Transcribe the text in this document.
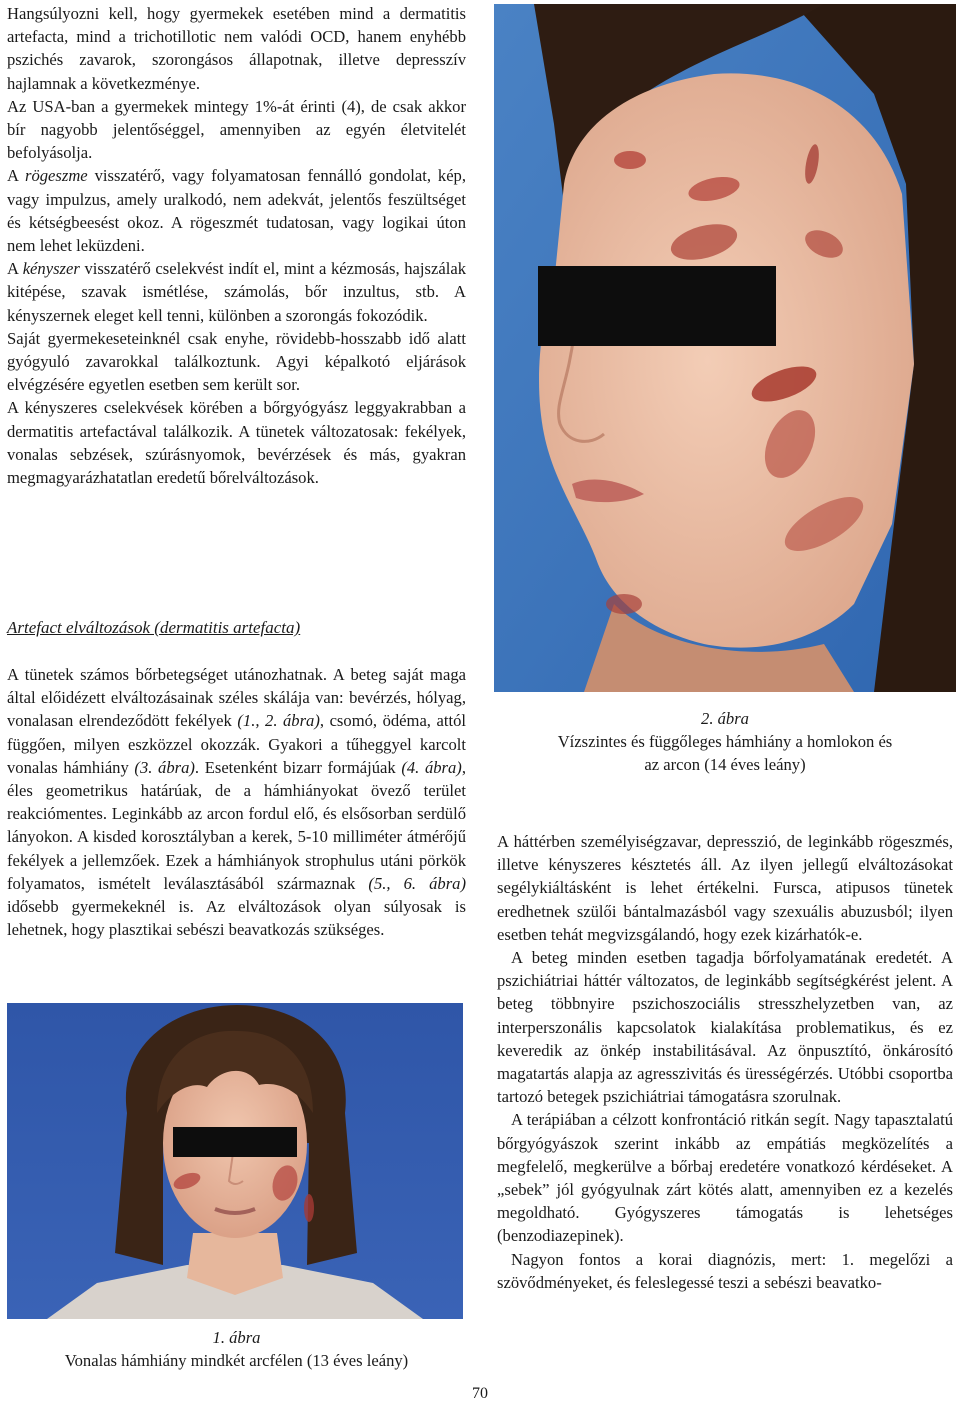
Hangsúlyozni kell, hogy gyermekek esetében mind a dermatitis artefacta, mind a trichotillotic nem valódi OCD, hanem enyhébb pszichés zavarok, szorongásos állapotnak, illetve depresszív hajlamnak a következménye.

Az USA-ban a gyermekek mintegy 1%-át érinti (4), de csak akkor bír nagyobb jelentőséggel, amennyiben az egyén életvitelét befolyásolja.

A rögeszme visszatérő, vagy folyamatosan fennálló gondolat, kép, vagy impulzus, amely uralkodó, nem adekvát, jelentős feszültséget és kétségbeesést okoz. A rögeszmét tudatosan, vagy logikai úton nem lehet leküzdeni.

A kényszer visszatérő cselekvést indít el, mint a kézmosás, hajszálak kitépése, szavak ismétlése, számolás, bőr inzultus, stb. A kényszernek eleget kell tenni, különben a szorongás fokozódik.

Saját gyermekeseteinknél csak enyhe, rövidebb-hosszabb idő alatt gyógyuló zavarokkal találkoztunk. Agyi képalkotó eljárások elvégzésére egyetlen esetben sem került sor.

A kényszeres cselekvések körében a bőrgyógyász leggyakrabban a dermatitis artefactával találkozik. A tünetek változatosak: fekélyek, vonalas sebzések, szúrásnyomok, bevérzések és más, gyakran megmagyarázhatatlan eredetű bőrelváltozások.

Artefact elváltozások (dermatitis artefacta)

A tünetek számos bőrbetegséget utánozhatnak. A beteg saját maga által előidézett elváltozásainak széles skálája van: bevérzés, hólyag, vonalasan elrendeződött fekélyek (1., 2. ábra), csomó, ödéma, attól függően, milyen eszközzel okozzák. Gyakori a tűheggyel karcolt vonalas hámhiány (3. ábra). Esetenként bizarr formájúak (4. ábra), éles geometrikus határúak, de a hámhiányokat övező terület reakciómentes. Leginkább az arcon fordul elő, és elsősorban serdülő lányokon. A kisded korosztályban a kerek, 5-10 milliméter átmérőjű fekélyek a jellemzőek. Ezek a hámhiányok strophulus utáni pörkök folyamatos, ismételt leválasztásából származnak (5., 6. ábra) idősebb gyermekeknél is. Az elváltozások olyan súlyosak is lehetnek, hogy plasztikai sebészi beavatkozás szükséges.

1. ábra
Vonalas hámhiány mindkét arcfélen (13 éves leány)
2. ábra
Vízszintes és függőleges hámhiány a homlokon és
az arcon (14 éves leány)

A háttérben személyiségzavar, depresszió, de leginkább rögeszmés, illetve kényszeres késztetés áll. Az ilyen jellegű elváltozásokat segélykiáltásként is lehet értékelni. Fursca, atipusos tünetek eredhetnek szülői bántalmazásból vagy szexuális abuzusból; ilyen esetben tehát megvizsgálandó, hogy ezek kizárhatók-e.

A beteg minden esetben tagadja bőrfolyamatának eredetét. A pszichiátriai háttér változatos, de leginkább segítségkérést jelent. A beteg többnyire pszichoszociális stresszhelyzetben van, az interperszonális kapcsolatok kialakítása problematikus, és ez keveredik az önkép instabilitásával. Az önpusztító, önkárosító magatartás alapja az agresszivitás és ürességérzés. Utóbbi csoportba tartozó betegek pszichiátriai támogatásra szorulnak.

A terápiában a célzott konfrontáció ritkán segít. Nagy tapasztalatú bőrgyógyászok szerint inkább az empátiás megközelítés a megfelelő, megkerülve a bőrbaj eredetére vonatkozó kérdéseket. A „sebek” jól gyógyulnak zárt kötés alatt, amennyiben ez a kezelés megoldható. Gyógyszeres támogatás is lehetséges (benzodiazepinek).

Nagyon fontos a korai diagnózis, mert: 1. megelőzi a szövődményeket, és feleslegessé teszi a sebészi beavatko-

70
